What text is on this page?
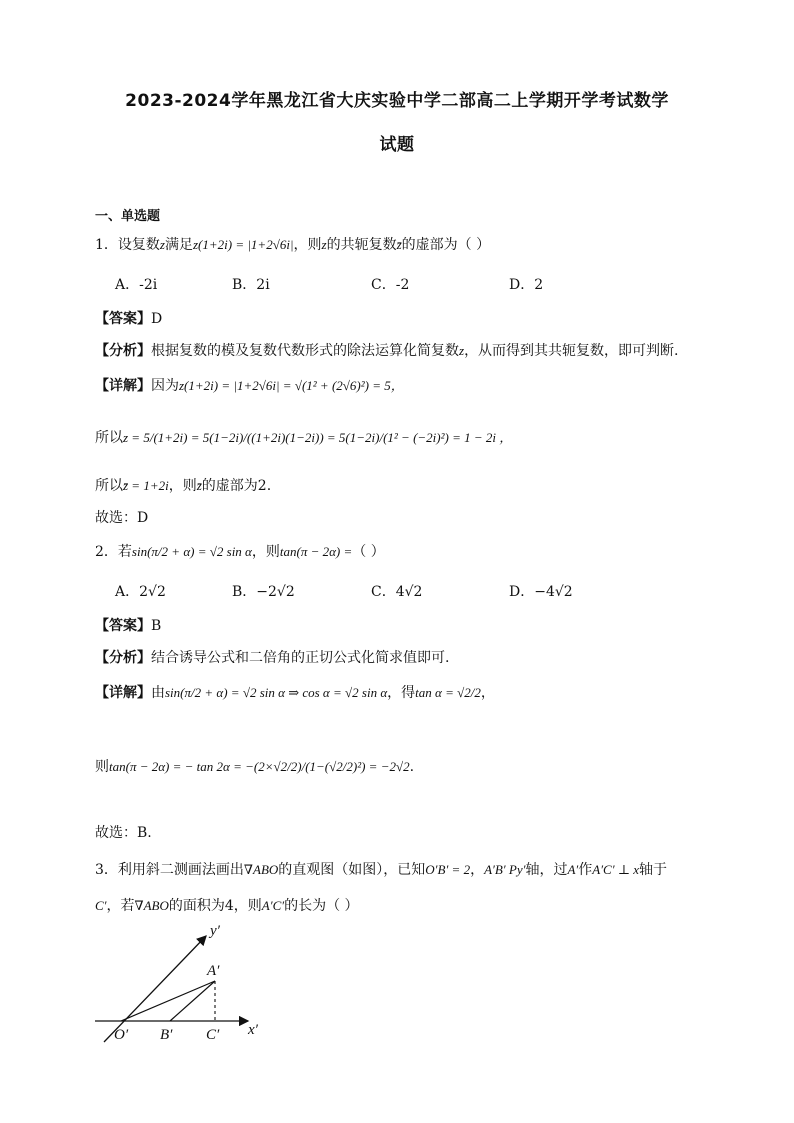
2023-2024学年黑龙江省大庆实验中学二部高二上学期开学考试数学
试题
一、单选题
1．设复数z满足z(1+2i) = |1+2√6i|，则z的共轭复数z̄的虚部为（ ）
A．-2i	B．2i	C．-2	D．2
【答案】D
【分析】根据复数的模及复数代数形式的除法运算化简复数z，从而得到其共轭复数，即可判断.
【详解】因为z(1+2i) = |1+2√6i| = √(1² + (2√6)²) = 5，
所以z = 5/(1+2i) = 5(1−2i)/((1+2i)(1−2i)) = 5(1−2i)/(1² − (−2i)²) = 1 − 2i ，
所以z̄ = 1+2i，则z̄的虚部为2.
故选：D
2．若sin(π/2 + α) = √2 sin α，则tan(π − 2α) =（ ）
A．2√2	B．−2√2	C．4√2	D．−4√2
【答案】B
【分析】结合诱导公式和二倍角的正切公式化简求值即可.
【详解】由sin(π/2 + α) = √2 sin α ⇒ cos α = √2 sin α，得tan α = √2/2，
则tan(π − 2α) = − tan 2α = −(2×√2/2)/(1−(√2/2)²) = −2√2.
故选：B.
3．利用斜二测画法画出∇ABO的直观图（如图），已知O′B′ = 2，A′B′ Py′轴，过A′作A′C′ ⊥ x轴于
C′，若∇ABO的面积为4，则A′C′的长为（ ）
y′
x′
A′
O′ B′ C′
